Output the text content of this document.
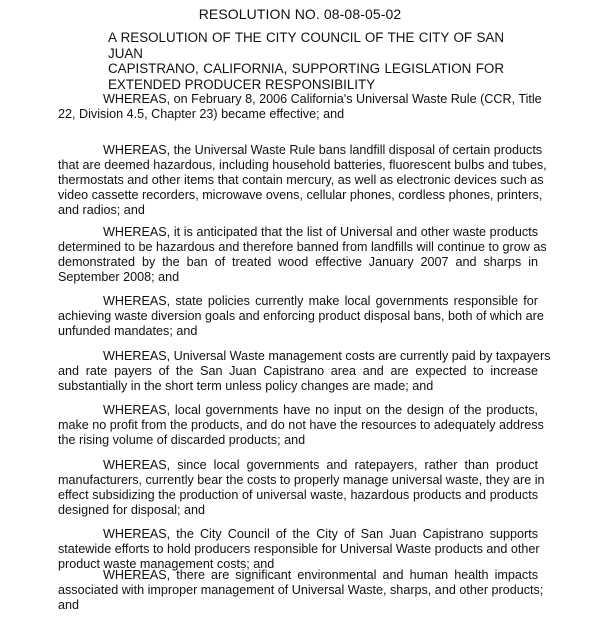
RESOLUTION NO. 08-08-05-02
A RESOLUTION OF THE CITY COUNCIL OF THE CITY OF SAN JUAN
CAPISTRANO, CALIFORNIA, SUPPORTING LEGISLATION FOR
EXTENDED PRODUCER RESPONSIBILITY
WHEREAS, on February 8, 2006 California's Universal Waste Rule (CCR, Title
22, Division 4.5, Chapter 23) became effective; and
WHEREAS, the Universal Waste Rule bans landfill disposal of certain products
that are deemed hazardous, including household batteries, fluorescent bulbs and tubes,
thermostats and other items that contain mercury, as well as electronic devices such as
video cassette recorders, microwave ovens, cellular phones, cordless phones, printers,
and radios; and
WHEREAS, it is anticipated that the list of Universal and other waste products
determined to be hazardous and therefore banned from landfills will continue to grow as
demonstrated by the ban of treated wood effective January 2007 and sharps in
September 2008; and
WHEREAS, state policies currently make local governments responsible for
achieving waste diversion goals and enforcing product disposal bans, both of which are
unfunded mandates; and
WHEREAS, Universal Waste management costs are currently paid by taxpayers
and rate payers of the San Juan Capistrano area and are expected to increase
substantially in the short term unless policy changes are made; and
WHEREAS, local governments have no input on the design of the products,
make no profit from the products, and do not have the resources to adequately address
the rising volume of discarded products; and
WHEREAS, since local governments and ratepayers, rather than product
manufacturers, currently bear the costs to properly manage universal waste, they are in
effect subsidizing the production of universal waste, hazardous products and products
designed for disposal; and
WHEREAS, the City Council of the City of San Juan Capistrano supports
statewide efforts to hold producers responsible for Universal Waste products and other
product waste management costs; and
WHEREAS, there are significant environmental and human health impacts
associated with improper management of Universal Waste, sharps, and other products;
and
